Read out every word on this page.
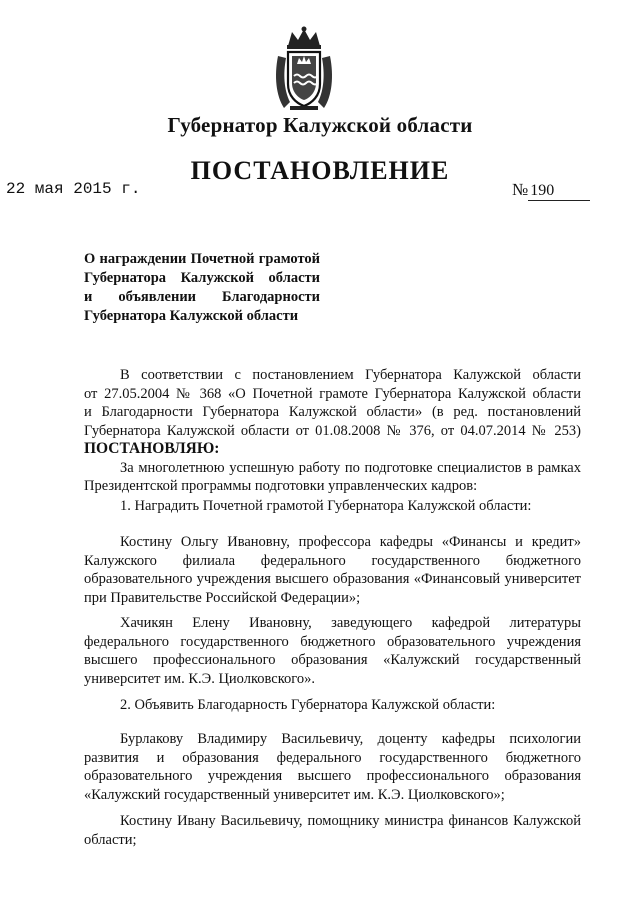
Губернатор Калужской области
ПОСТАНОВЛЕНИЕ
22 мая 2015 г.	№ 190
О награждении Почетной грамотой
Губернатора Калужской области
и объявлении Благодарности
Губернатора Калужской области

В соответствии с постановлением Губернатора Калужской области

от 27.05.2004 № 368 «О Почетной грамоте Губернатора Калужской области

и Благодарности Губернатора Калужской области» (в ред. постановлений

Губернатора Калужской области от 01.08.2008 № 376, от 04.07.2014 № 253)

ПОСТАНОВЛЯЮ:

За многолетнюю успешную работу по подготовке специалистов в рамках Президентской программы подготовки управленческих кадров:

1. Наградить Почетной грамотой Губернатора Калужской области:

Костину Ольгу Ивановну, профессора кафедры «Финансы и кредит» Калужского филиала федерального государственного бюджетного образовательного учреждения высшего образования «Финансовый университет при Правительстве Российской Федерации»;

Хачикян Елену Ивановну, заведующего кафедрой литературы федерального государственного бюджетного образовательного учреждения высшего профессионального образования «Калужский государственный университет им. К.Э. Циолковского».

2. Объявить Благодарность Губернатора Калужской области:

Бурлакову Владимиру Васильевичу, доценту кафедры психологии развития и образования федерального государственного бюджетного образовательного учреждения высшего профессионального образования «Калужский государственный университет им. К.Э. Циолковского»;

Костину Ивану Васильевичу, помощнику министра финансов Калужской области;
